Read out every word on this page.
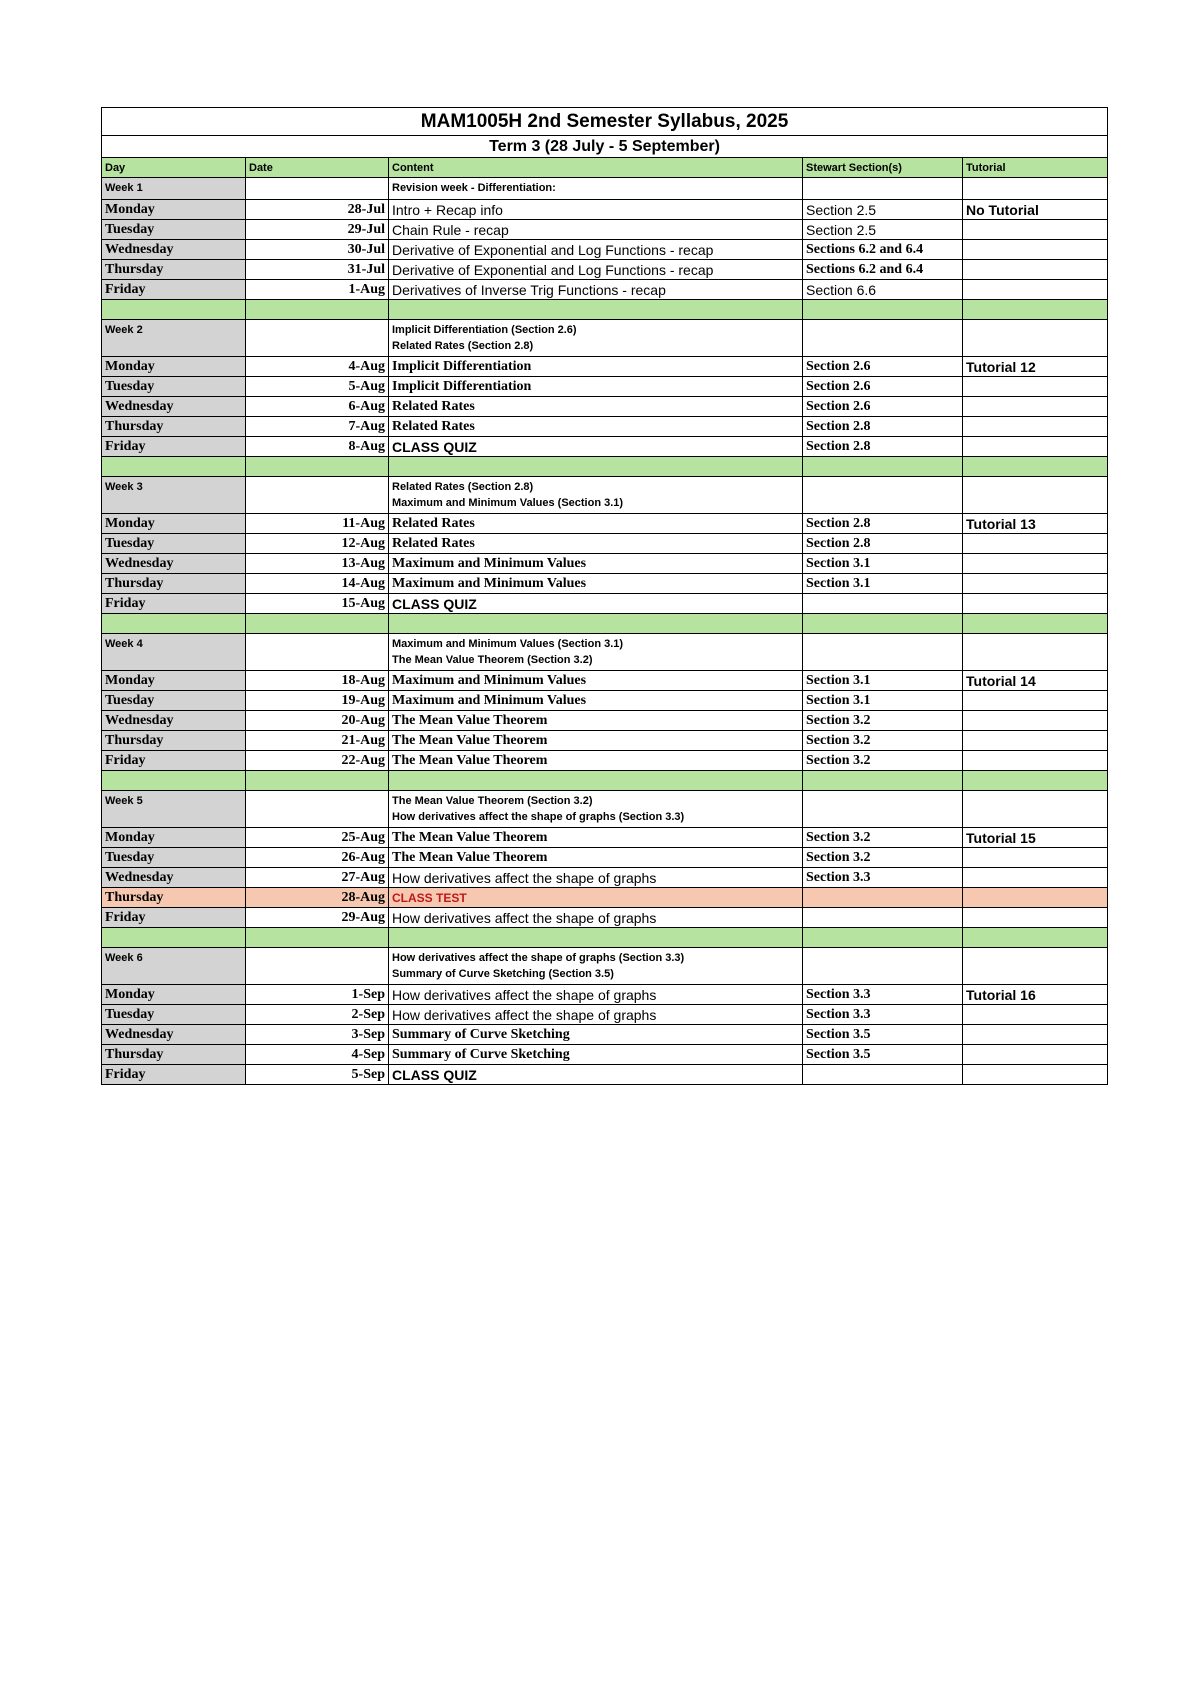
MAM1005H 2nd Semester Syllabus, 2025				
Term 3 (28 July - 5 September)				
Day	Date	Content	Stewart Section(s)	Tutorial
Week 1		Revision week - Differentiation:		

Monday	28-Jul	Intro + Recap info	Section 2.5	No Tutorial
Tuesday	29-Jul	Chain Rule - recap	Section 2.5	
Wednesday	30-Jul	Derivative of Exponential and Log Functions - recap	Sections 6.2 and 6.4	
Thursday	31-Jul	Derivative of Exponential and Log Functions - recap	Sections 6.2 and 6.4	
Friday	1-Aug	Derivatives of Inverse Trig Functions - recap	Section 6.6	

Week 2		Implicit Differentiation (Section 2.6)
Related Rates (Section 2.8)		

Monday	4-Aug	Implicit Differentiation	Section 2.6	Tutorial 12
Tuesday	5-Aug	Implicit Differentiation	Section 2.6	
Wednesday	6-Aug	Related Rates	Section 2.6	
Thursday	7-Aug	Related Rates	Section 2.8	
Friday	8-Aug	CLASS QUIZ	Section 2.8	

Week 3		Related Rates (Section 2.8)
Maximum and Minimum Values (Section 3.1)		

Monday	11-Aug	Related Rates	Section 2.8	Tutorial 13
Tuesday	12-Aug	Related Rates	Section 2.8	
Wednesday	13-Aug	Maximum and Minimum Values	Section 3.1	
Thursday	14-Aug	Maximum and Minimum Values	Section 3.1	
Friday	15-Aug	CLASS QUIZ		

Week 4		Maximum and Minimum Values (Section 3.1)
The Mean Value Theorem (Section 3.2)		

Monday	18-Aug	Maximum and Minimum Values	Section 3.1	Tutorial 14
Tuesday	19-Aug	Maximum and Minimum Values	Section 3.1	
Wednesday	20-Aug	The Mean Value Theorem	Section 3.2	
Thursday	21-Aug	The Mean Value Theorem	Section 3.2	
Friday	22-Aug	The Mean Value Theorem	Section 3.2	

Week 5		The Mean Value Theorem (Section 3.2)
How derivatives affect the shape of graphs (Section 3.3)		

Monday	25-Aug	The Mean Value Theorem	Section 3.2	Tutorial 15
Tuesday	26-Aug	The Mean Value Theorem	Section 3.2	
Wednesday	27-Aug	How derivatives affect the shape of graphs	Section 3.3	
Thursday	28-Aug	CLASS TEST		
Friday	29-Aug	How derivatives affect the shape of graphs		

Week 6		How derivatives affect the shape of graphs (Section 3.3)
Summary of Curve Sketching (Section 3.5)		

Monday	1-Sep	How derivatives affect the shape of graphs	Section 3.3	Tutorial 16
Tuesday	2-Sep	How derivatives affect the shape of graphs	Section 3.3	
Wednesday	3-Sep	Summary of Curve Sketching	Section 3.5	
Thursday	4-Sep	Summary of Curve Sketching	Section 3.5	
Friday	5-Sep	CLASS QUIZ		
